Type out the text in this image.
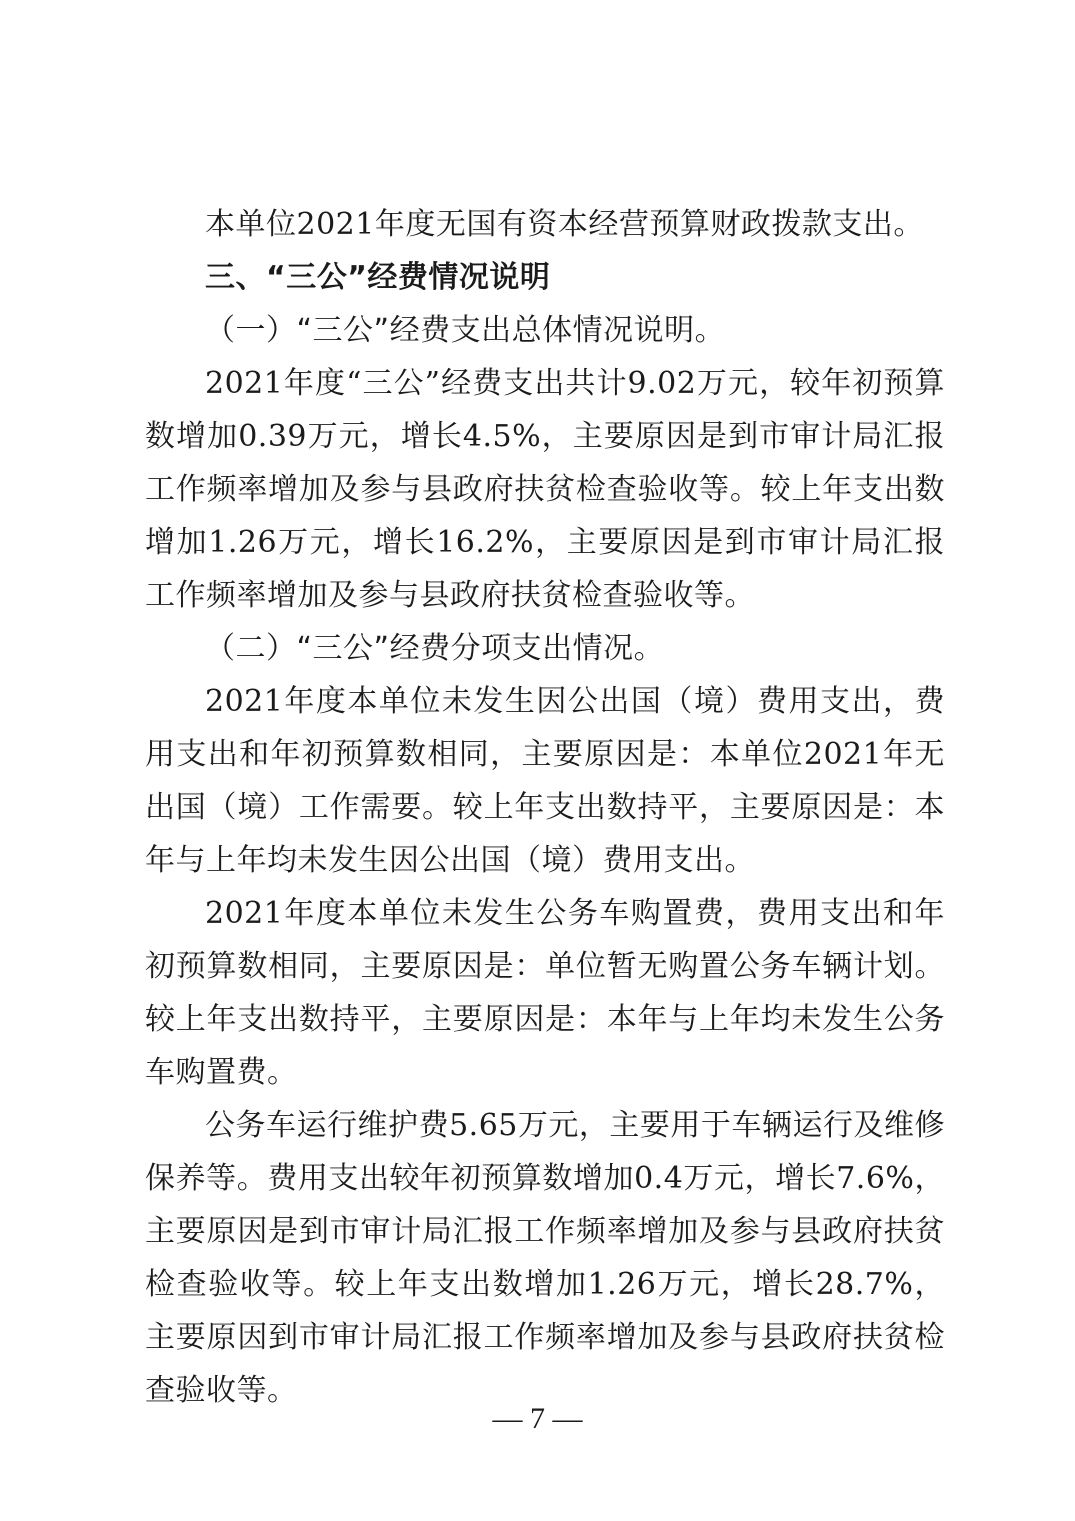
本单位2021年度无国有资本经营预算财政拨款支出。

三、“三公”经费情况说明

（一）“三公”经费支出总体情况说明。

2021年度“三公”经费支出共计9.02万元，较年初预算数增加0.39万元，增长4.5%，主要原因是到市审计局汇报工作频率增加及参与县政府扶贫检查验收等。较上年支出数增加1.26万元，增长16.2%，主要原因是到市审计局汇报工作频率增加及参与县政府扶贫检查验收等。

（二）“三公”经费分项支出情况。

2021年度本单位未发生因公出国（境）费用支出，费用支出和年初预算数相同，主要原因是：本单位2021年无出国（境）工作需要。较上年支出数持平，主要原因是：本年与上年均未发生因公出国（境）费用支出。

2021年度本单位未发生公务车购置费，费用支出和年初预算数相同，主要原因是：单位暂无购置公务车辆计划。较上年支出数持平，主要原因是：本年与上年均未发生公务车购置费。

公务车运行维护费5.65万元，主要用于车辆运行及维修保养等。费用支出较年初预算数增加0.4万元，增长7.6%，主要原因是到市审计局汇报工作频率增加及参与县政府扶贫检查验收等。较上年支出数增加1.26万元，增长28.7%，主要原因到市审计局汇报工作频率增加及参与县政府扶贫检查验收等。

— 7 —
